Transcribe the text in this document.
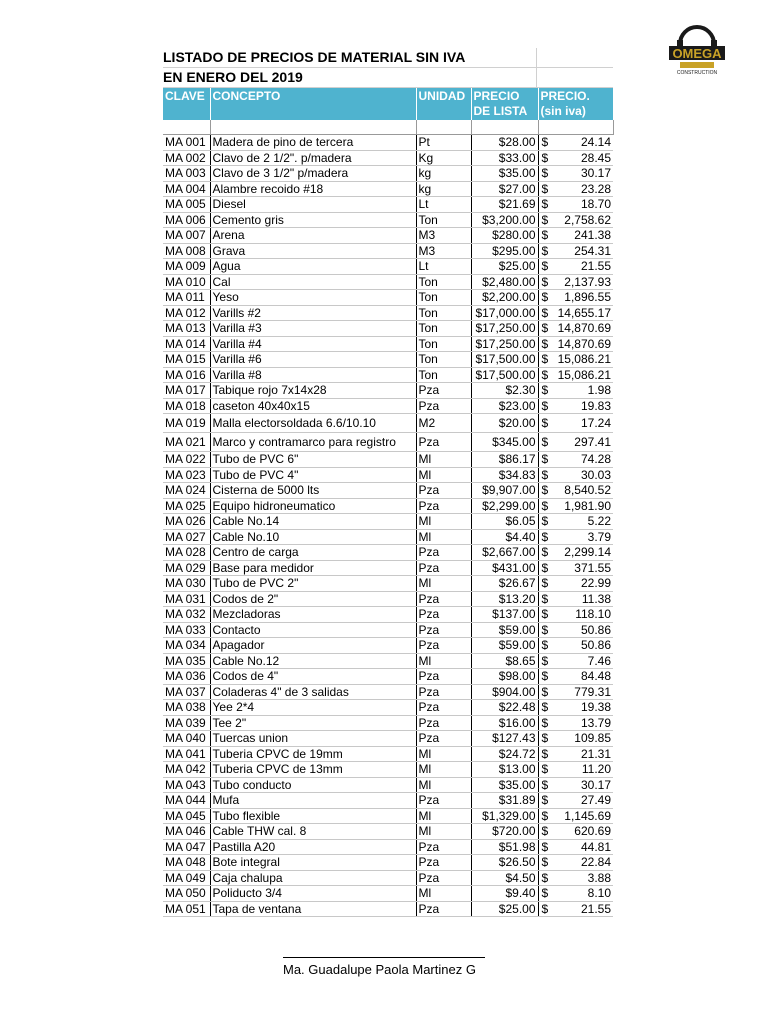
OMEGA
CONSTRUCTION
LISTADO DE PRECIOS DE MATERIAL SIN IVA
EN ENERO DEL 2019
CLAVE	CONCEPTO	UNIDAD	PRECIO DE LISTA	PRECIO. (sin iva)

MA 001	Madera de pino de tercera	Pt	$28.00	$ 24.14
MA 002	Clavo de 2 1/2". p/madera	Kg	$33.00	$ 28.45
MA 003	Clavo de 3 1/2" p/madera	kg	$35.00	$ 30.17
MA 004	Alambre recoido #18	kg	$27.00	$ 23.28
MA 005	Diesel	Lt	$21.69	$ 18.70
MA 006	Cemento gris	Ton	$3,200.00	$ 2,758.62
MA 007	Arena	M3	$280.00	$ 241.38
MA 008	Grava	M3	$295.00	$ 254.31
MA 009	Agua	Lt	$25.00	$ 21.55
MA 010	Cal	Ton	$2,480.00	$ 2,137.93
MA 011	Yeso	Ton	$2,200.00	$ 1,896.55
MA 012	Varills #2	Ton	$17,000.00	$ 14,655.17
MA 013	Varilla #3	Ton	$17,250.00	$ 14,870.69
MA 014	Varilla #4	Ton	$17,250.00	$ 14,870.69
MA 015	Varilla #6	Ton	$17,500.00	$ 15,086.21
MA 016	Varilla #8	Ton	$17,500.00	$ 15,086.21
MA 017	Tabique rojo 7x14x28	Pza	$2.30	$ 1.98
MA 018	caseton 40x40x15	Pza	$23.00	$ 19.83
MA 019	Malla electorsoldada 6.6/10.10	M2	$20.00	$ 17.24
MA 021	Marco y contramarco para registro	Pza	$345.00	$ 297.41
MA 022	Tubo de PVC 6"	Ml	$86.17	$ 74.28
MA 023	Tubo de PVC 4"	Ml	$34.83	$ 30.03
MA 024	Cisterna de 5000 lts	Pza	$9,907.00	$ 8,540.52
MA 025	Equipo hidroneumatico	Pza	$2,299.00	$ 1,981.90
MA 026	Cable No.14	Ml	$6.05	$ 5.22
MA 027	Cable No.10	Ml	$4.40	$ 3.79
MA 028	Centro de carga	Pza	$2,667.00	$ 2,299.14
MA 029	Base para medidor	Pza	$431.00	$ 371.55
MA 030	Tubo de PVC 2"	Ml	$26.67	$ 22.99
MA 031	Codos de 2"	Pza	$13.20	$ 11.38
MA 032	Mezcladoras	Pza	$137.00	$ 118.10
MA 033	Contacto	Pza	$59.00	$ 50.86
MA 034	Apagador	Pza	$59.00	$ 50.86
MA 035	Cable No.12	Ml	$8.65	$ 7.46
MA 036	Codos de 4"	Pza	$98.00	$ 84.48
MA 037	Coladeras 4" de 3 salidas	Pza	$904.00	$ 779.31
MA 038	Yee 2*4	Pza	$22.48	$ 19.38
MA 039	Tee 2"	Pza	$16.00	$ 13.79
MA 040	Tuercas union	Pza	$127.43	$ 109.85
MA 041	Tuberia CPVC de 19mm	Ml	$24.72	$ 21.31
MA 042	Tuberia CPVC de 13mm	Ml	$13.00	$ 11.20
MA 043	Tubo conducto	Ml	$35.00	$ 30.17
MA 044	Mufa	Pza	$31.89	$ 27.49
MA 045	Tubo flexible	Ml	$1,329.00	$ 1,145.69
MA 046	Cable THW cal. 8	Ml	$720.00	$ 620.69
MA 047	Pastilla A20	Pza	$51.98	$ 44.81
MA 048	Bote integral	Pza	$26.50	$ 22.84
MA 049	Caja chalupa	Pza	$4.50	$ 3.88
MA 050	Poliducto 3/4	Ml	$9.40	$ 8.10
MA 051	Tapa de ventana	Pza	$25.00	$ 21.55
Ma. Guadalupe Paola Martinez G
